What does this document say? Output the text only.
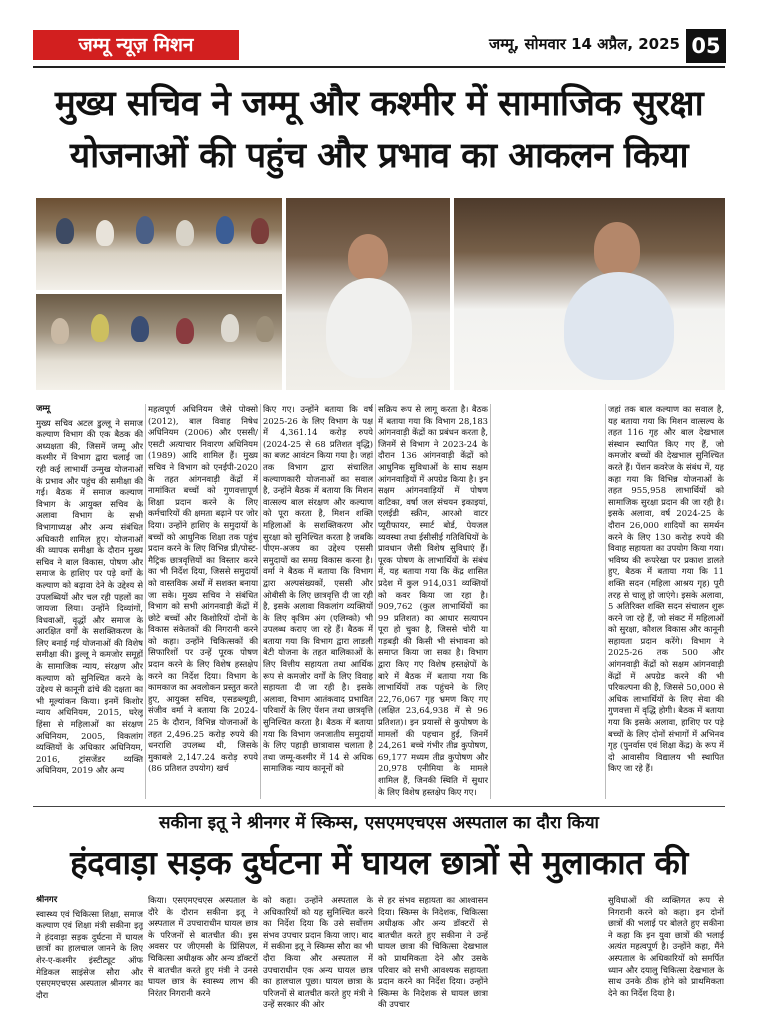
जम्मू न्यूज़ मिशन	जम्मू, सोमवार 14 अप्रैल, 2025 05
मुख्य सचिव ने जम्मू और कश्मीर में सामाजिक सुरक्षा
योजनाओं की पहुंच और प्रभाव का आकलन किया
जम्मू
मुख्य सचिव अटल डुल्लू ने समाज कल्याण विभाग की एक बैठक की अध्यक्षता की, जिसमें जम्मू और कश्मीर में विभाग द्वारा चलाई जा रही कई लाभार्थी उन्मुख योजनाओं के प्रभाव और पहुंच की समीक्षा की गई। बैठक में समाज कल्याण विभाग के आयुक्त सचिव के अलावा विभाग के सभी विभागाध्यक्ष और अन्य संबंधित अधिकारी शामिल हुए। योजनाओं की व्यापक समीक्षा के दौरान मुख्य सचिव ने बाल विकास, पोषण और समाज के हाशिए पर पड़े वर्गों के कल्याण को बढ़ावा देने के उद्देश्य से उपलब्धियों और चल रही पहलों का जायजा लिया। उन्होंने दिव्यांगों, विधवाओं, वृद्धों और समाज के आरक्षित वर्गों के सशक्तिकरण के लिए बनाई गई योजनाओं की विशेष समीक्षा की। डुल्लू ने कमजोर समूहों के सामाजिक न्याय, संरक्षण और कल्याण को सुनिश्चित करने के उद्देश्य से कानूनी ढांचे की दक्षता का भी मूल्यांकन किया। इनमें किशोर न्याय अधिनियम, 2015, घरेलू हिंसा से महिलाओं का संरक्षण अधिनियम, 2005, विकलांग व्यक्तियों के अधिकार अधिनियम, 2016, ट्रांसजेंडर व्यक्ति अधिनियम, 2019 और अन्य
महत्वपूर्ण अधिनियम जैसे पोक्सो (2012), बाल विवाह निषेध अधिनियम (2006) और एससी/एसटी अत्याचार निवारण अधिनियम (1989) आदि शामिल हैं। मुख्य सचिव ने विभाग को एनईपी-2020 के तहत आंगनवाड़ी केंद्रों में नामांकित बच्चों को गुणवत्तापूर्ण शिक्षा प्रदान करने के लिए कर्मचारियों की क्षमता बढ़ाने पर जोर दिया। उन्होंने हाशिए के समुदायों के बच्चों को आधुनिक शिक्षा तक पहुंच प्रदान करने के लिए विभिन्न प्री/पोस्ट-मैट्रिक छात्रवृत्तियों का विस्तार करने का भी निर्देश दिया, जिससे समुदायों को वास्तविक अर्थों में सशक्त बनाया जा सके। मुख्य सचिव ने संबंधित विभाग को सभी आंगनवाड़ी केंद्रों में छोटे बच्चों और किशोरियों दोनों के विकास संकेतकों की निगरानी करने को कहा। उन्होंने चिकित्सकों की सिफारिशों पर उन्हें पूरक पोषण प्रदान करने के लिए विशेष हस्तक्षेप करने का निर्देश दिया। विभाग के कामकाज का अवलोकन प्रस्तुत करते हुए, आयुक्त सचिव, एसडब्ल्यूडी, संजीव वर्मा ने बताया कि 2024-25 के दौरान, विभिन्न योजनाओं के तहत 2,496.25 करोड़ रुपये की धनराशि उपलब्ध थी, जिसके मुकाबले 2,147.24 करोड़ रुपये (86 प्रतिशत उपयोग) खर्च
किए गए। उन्होंने बताया कि वर्ष 2025-26 के लिए विभाग के पक्ष में 4,361.14 करोड़ रुपये (2024-25 से 68 प्रतिशत वृद्धि) का बजट आवंटन किया गया है। जहां तक विभाग द्वारा संचालित कल्याणकारी योजनाओं का सवाल है, उन्होंने बैठक में बताया कि मिशन वात्सल्य बाल संरक्षण और कल्याण को पूरा करता है, मिशन शक्ति महिलाओं के सशक्तिकरण और सुरक्षा को सुनिश्चित करता है जबकि पीएम-अजय का उद्देश्य एससी समुदायों का समग्र विकास करना है। वर्मा ने बैठक में बताया कि विभाग द्वारा अल्पसंख्यकों, एससी और ओबीसी के लिए छात्रवृत्ति दी जा रही है, इसके अलावा विकलांग व्यक्तियों के लिए कृत्रिम अंग (एलिम्को) भी उपलब्ध कराए जा रहे हैं। बैठक में बताया गया कि विभाग द्वारा लाडली बेटी योजना के तहत बालिकाओं के लिए वित्तीय सहायता तथा आर्थिक रूप से कमजोर वर्गों के लिए विवाह सहायता दी जा रही है। इसके अलावा, विभाग आतंकवाद प्रभावित परिवारों के लिए पेंशन तथा छात्रवृत्ति सुनिश्चित करता है। बैठक में बताया गया कि विभाग जनजातीय समुदायों के लिए पहाड़ी छात्रावास चलाता है तथा जम्मू-कश्मीर में 14 से अधिक सामाजिक न्याय कानूनों को
सक्रिय रूप से लागू करता है। बैठक में बताया गया कि विभाग 28,183 आंगनवाड़ी केंद्रों का प्रबंधन करता है, जिनमें से विभाग ने 2023-24 के दौरान 136 आंगनवाड़ी केंद्रों को आधुनिक सुविधाओं के साथ सक्षम आंगनवाड़ियों में अपग्रेड किया है। इन सक्षम आंगनवाड़ियों में पोषण वाटिका, वर्षा जल संचयन इकाइयां, एलईडी स्क्रीन, आरओ वाटर प्यूरीफायर, स्मार्ट बोर्ड, पेयजल व्यवस्था तथा ईसीसीई गतिविधियों के प्रावधान जैसी विशेष सुविधाएं हैं। पूरक पोषण के लाभार्थियों के संबंध में, यह बताया गया कि केंद्र शासित प्रदेश में कुल 914,031 व्यक्तियों को कवर किया जा रहा है। 909,762 (कुल लाभार्थियों का 99 प्रतिशत) का आधार सत्यापन पूरा हो चुका है, जिससे चोरी या गड़बड़ी की किसी भी संभावना को समाप्त किया जा सका है। विभाग द्वारा किए गए विशेष हस्तक्षेपों के बारे में बैठक में बताया गया कि लाभार्थियों तक पहुंचने के लिए 22,76,067 गृह भ्रमण किए गए (लक्षित 23,64,938 में से 96 प्रतिशत)। इन प्रयासों से कुपोषण के मामलों की पहचान हुई, जिनमें 24,261 बच्चे गंभीर तीव्र कुपोषण, 69,177 मध्यम तीव्र कुपोषण और 20,978 एनीमिया के मामले शामिल हैं, जिनकी स्थिति में सुधार के लिए विशेष हस्तक्षेप किए गए।
जहां तक बाल कल्याण का सवाल है, यह बताया गया कि मिशन वात्सल्य के तहत 116 गृह और बाल देखभाल संस्थान स्थापित किए गए हैं, जो कमजोर बच्चों की देखभाल सुनिश्चित करते हैं। पेंशन कवरेज के संबंध में, यह कहा गया कि विभिन्न योजनाओं के तहत 955,958 लाभार्थियों को सामाजिक सुरक्षा प्रदान की जा रही है। इसके अलावा, वर्ष 2024-25 के दौरान 26,000 शादियों का समर्थन करने के लिए 130 करोड़ रुपये की विवाह सहायता का उपयोग किया गया। भविष्य की रूपरेखा पर प्रकाश डालते हुए, बैठक में बताया गया कि 11 शक्ति सदन (महिला आश्रय गृह) पूरी तरह से चालू हो जाएंगे। इसके अलावा, 5 अतिरिक्त शक्ति सदन संचालन शुरू करने जा रहे हैं, जो संकट में महिलाओं को सुरक्षा, कौशल विकास और कानूनी सहायता प्रदान करेंगे। विभाग ने 2025-26 तक 500 और आंगनवाड़ी केंद्रों को सक्षम आंगनवाड़ी केंद्रों में अपग्रेड करने की भी परिकल्पना की है, जिससे 50,000 से अधिक लाभार्थियों के लिए सेवा की गुणवत्ता में वृद्धि होगी। बैठक में बताया गया कि इसके अलावा, हाशिए पर पड़े बच्चों के लिए दोनों संभागों में अभिनव गृह (पुनर्वास एवं शिक्षा केंद्र) के रूप में दो आवासीय विद्यालय भी स्थापित किए जा रहे हैं।
सकीना इतू ने श्रीनगर में स्किम्स, एसएमएचएस अस्पताल का दौरा किया
हंदवाड़ा सड़क दुर्घटना में घायल छात्रों से मुलाकात की
श्रीनगर
स्वास्थ्य एवं चिकित्सा शिक्षा, समाज कल्याण एवं शिक्षा मंत्री सकीना इतू ने हंदवाड़ा सड़क दुर्घटना में घायल छात्रों का हालचाल जानने के लिए शेर-ए-कश्मीर इंस्टीट्यूट ऑफ मेडिकल साइंसेज सौरा और एसएमएचएस अस्पताल श्रीनगर का दौरा
किया। एसएमएचएस अस्पताल के दौरे के दौरान सकीना इतू ने अस्पताल में उपचाराधीन घायल छात्र के परिजनों से बातचीत की। इस अवसर पर जीएमसी के प्रिंसिपल, चिकित्सा अधीक्षक और अन्य डॉक्टरों से बातचीत करते हुए मंत्री ने उनसे घायल छात्र के स्वास्थ्य लाभ की निरंतर निगरानी करने
को कहा। उन्होंने अस्पताल के अधिकारियों को यह सुनिश्चित करने का निर्देश दिया कि उसे सर्वोत्तम संभव उपचार प्रदान किया जाए। बाद में सकीना इतू ने स्किम्स सौरा का भी दौरा किया और अस्पताल में उपचाराधीन एक अन्य घायल छात्र का हालचाल पूछा। घायल छात्रा के परिजनों से बातचीत करते हुए मंत्री ने उन्हें सरकार की ओर
से हर संभव सहायता का आश्वासन दिया। स्किम्स के निदेशक, चिकित्सा अधीक्षक और अन्य डॉक्टरों से बातचीत करते हुए सकीना ने उन्हें घायल छात्रा की चिकित्सा देखभाल को प्राथमिकता देने और उसके परिवार को सभी आवश्यक सहायता प्रदान करने का निर्देश दिया। उन्होंने स्किम्स के निदेशक से घायल छात्रा की उपचार
सुविधाओं की व्यक्तिगत रूप से निगरानी करने को कहा। इन दोनों छात्रों की भलाई पर बोलते हुए सकीना ने कहा कि इन युवा छात्रों की भलाई अत्यंत महत्वपूर्ण है। उन्होंने कहा, मैंने अस्पताल के अधिकारियों को समर्पित ध्यान और दयालु चिकित्सा देखभाल के साथ उनके ठीक होने को प्राथमिकता देने का निर्देश दिया है।
